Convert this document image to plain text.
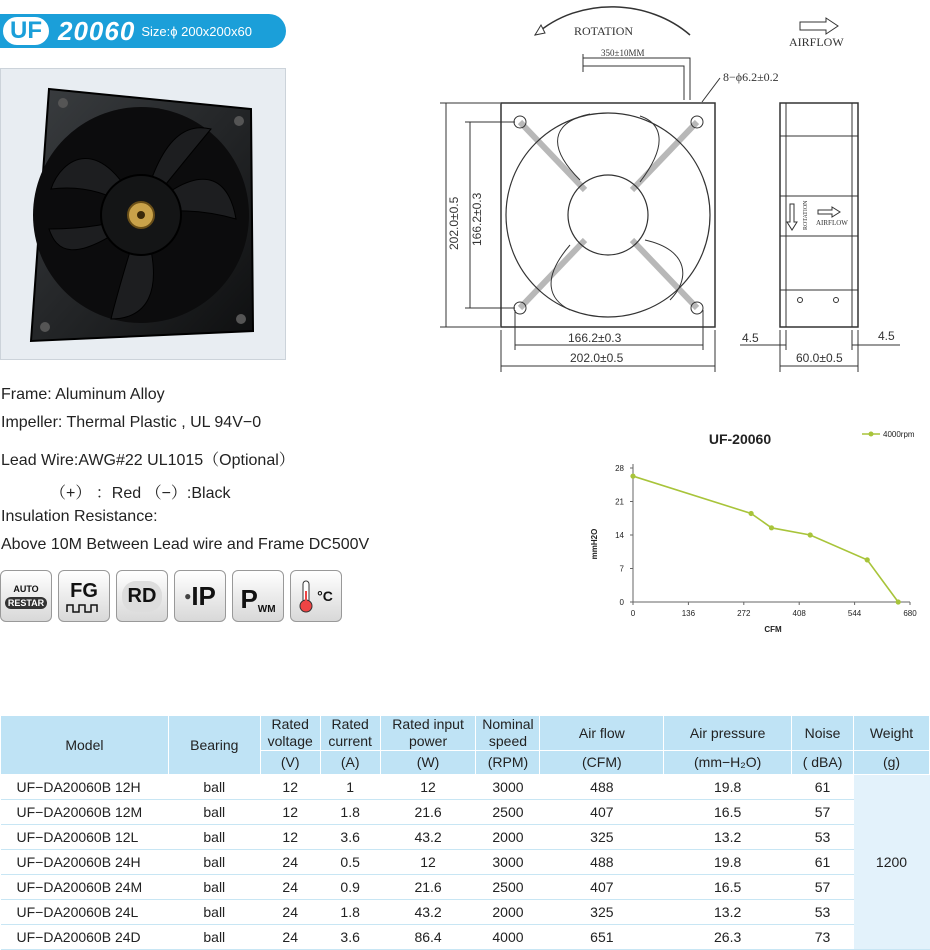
UF 20060 Size:ϕ 200x200x60	ROTATION
AIRFLOW
350±10MM
8−ϕ6.2±0.2
202.0±0.5 166.2±0.3
166.2±0.3
202.0±0.5
ROTATION AIRFLOW
4.5	4.5
60.0±0.5
Frame: Aluminum Alloy
Impeller: Thermal Plastic , UL 94V−0
Lead Wire:AWG#22 UL1015（Optional）
（+） ：Red （−）:Black
Insulation Resistance:
Above 10M Between Lead wire and Frame DC500V
AUTO
RESTAR
FG	RD	● IP P WM
°C
UF-20060	4000rpm
mmH2O
CFM
0	136	272	408	544	680
0
7
14
21
28
Model	Bearing	Rated voltage	Rated current	Rated input power	Nominal speed	Air flow	Air pressure	Noise	Weight
		(V)	(A)	(W)	(RPM)	(CFM)	(mm−H₂O)	( dBA)	(g)
UF−DA20060B 12H	ball	12	1	12	3000	488	19.8	61	1200
UF−DA20060B 12M	ball	12	1.8	21.6	2500	407	16.5	57	
UF−DA20060B 12L	ball	12	3.6	43.2	2000	325	13.2	53	
UF−DA20060B 24H	ball	24	0.5	12	3000	488	19.8	61	
UF−DA20060B 24M	ball	24	0.9	21.6	2500	407	16.5	57	
UF−DA20060B 24L	ball	24	1.8	43.2	2000	325	13.2	53	
UF−DA20060B 24D	ball	24	3.6	86.4	4000	651	26.3	73	
